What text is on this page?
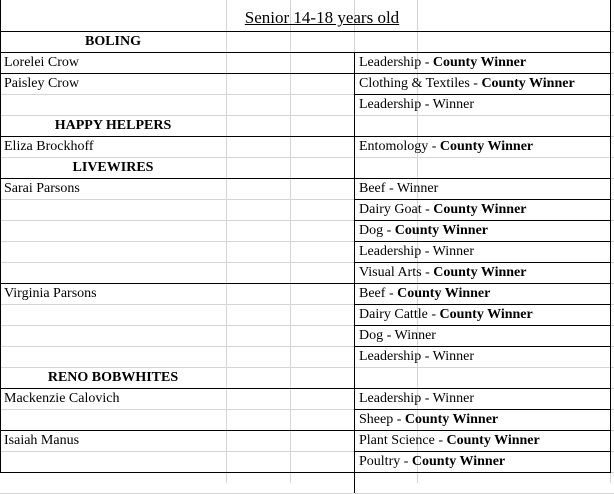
Senior 14-18 years old
BOLING
Lorelei Crow	Leadership - County Winner
Paisley Crow	Clothing & Textiles - County Winner
Leadership - Winner
HAPPY HELPERS
Eliza Brockhoff	Entomology - County Winner
LIVEWIRES
Sarai Parsons	Beef - Winner
Dairy Goat - County Winner
Dog - County Winner
Leadership - Winner
Visual Arts - County Winner
Virginia Parsons	Beef - County Winner
Dairy Cattle - County Winner
Dog - Winner
Leadership - Winner
RENO BOBWHITES
Mackenzie Calovich	Leadership - Winner
Sheep - County Winner
Isaiah Manus	Plant Science - County Winner
Poultry - County Winner
